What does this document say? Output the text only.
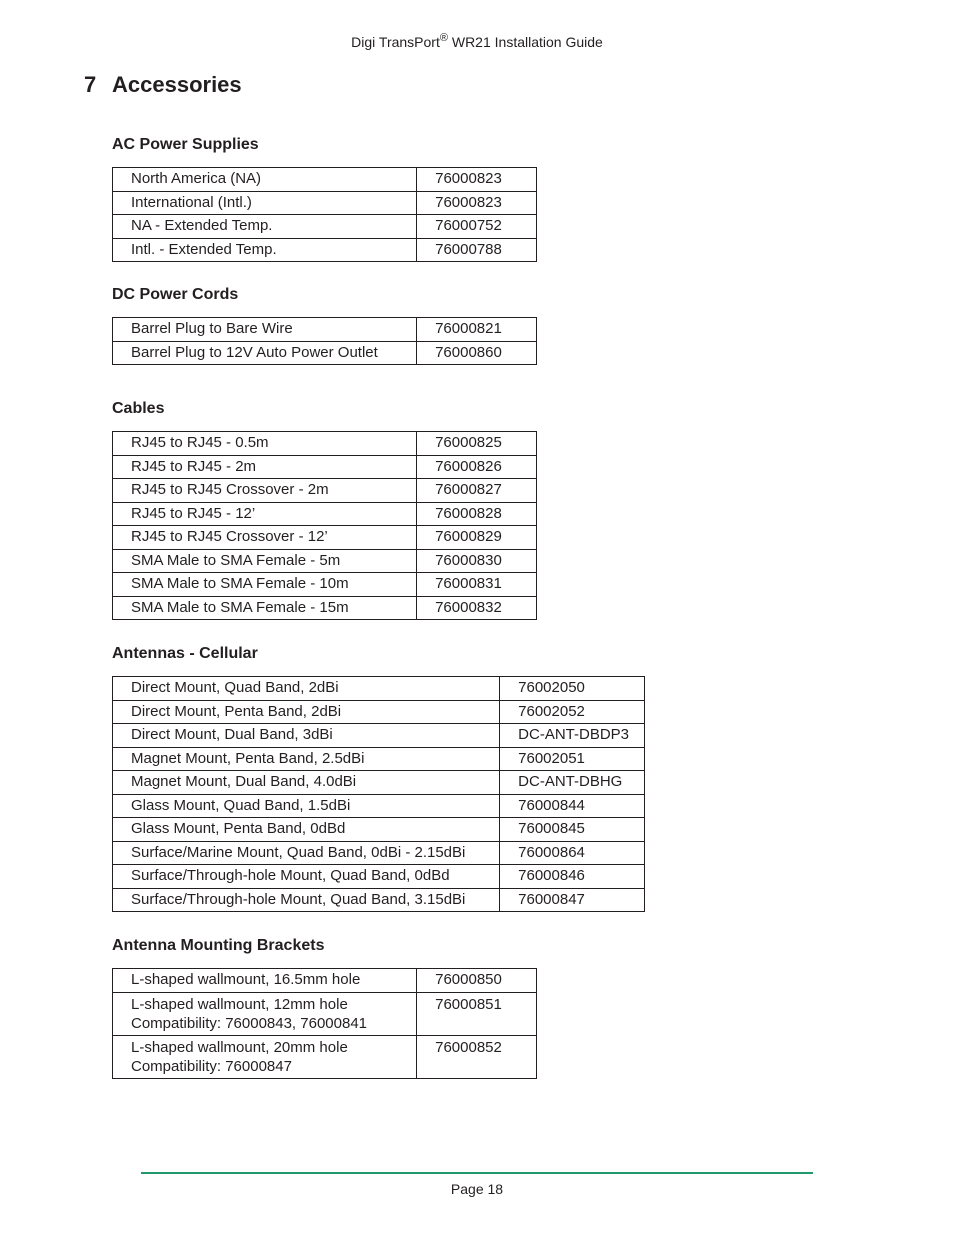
Digi TransPort® WR21 Installation Guide
7 Accessories
AC Power Supplies
North America (NA)	76000823
International (Intl.)	76000823
NA - Extended Temp.	76000752
Intl. - Extended Temp.	76000788
DC Power Cords
Barrel Plug to Bare Wire	76000821
Barrel Plug to 12V Auto Power Outlet	76000860
Cables
RJ45 to RJ45 - 0.5m	76000825
RJ45 to RJ45 - 2m	76000826
RJ45 to RJ45 Crossover - 2m	76000827
RJ45 to RJ45 - 12’	76000828
RJ45 to RJ45 Crossover - 12’	76000829
SMA Male to SMA Female - 5m	76000830
SMA Male to SMA Female - 10m	76000831
SMA Male to SMA Female - 15m	76000832
Antennas - Cellular
Direct Mount, Quad Band, 2dBi	76002050
Direct Mount, Penta Band, 2dBi	76002052
Direct Mount, Dual Band, 3dBi	DC-ANT-DBDP3
Magnet Mount, Penta Band, 2.5dBi	76002051
Magnet Mount, Dual Band, 4.0dBi	DC-ANT-DBHG
Glass Mount, Quad Band, 1.5dBi	76000844
Glass Mount, Penta Band, 0dBd	76000845
Surface/Marine Mount, Quad Band, 0dBi - 2.15dBi	76000864
Surface/Through-hole Mount, Quad Band, 0dBd	76000846
Surface/Through-hole Mount, Quad Band, 3.15dBi	76000847
Antenna Mounting Brackets
L-shaped wallmount, 16.5mm hole	76000850
L-shaped wallmount, 12mm hole
Compatibility: 76000843, 76000841	76000851
L-shaped wallmount, 20mm hole
Compatibility: 76000847	76000852
Page 18
